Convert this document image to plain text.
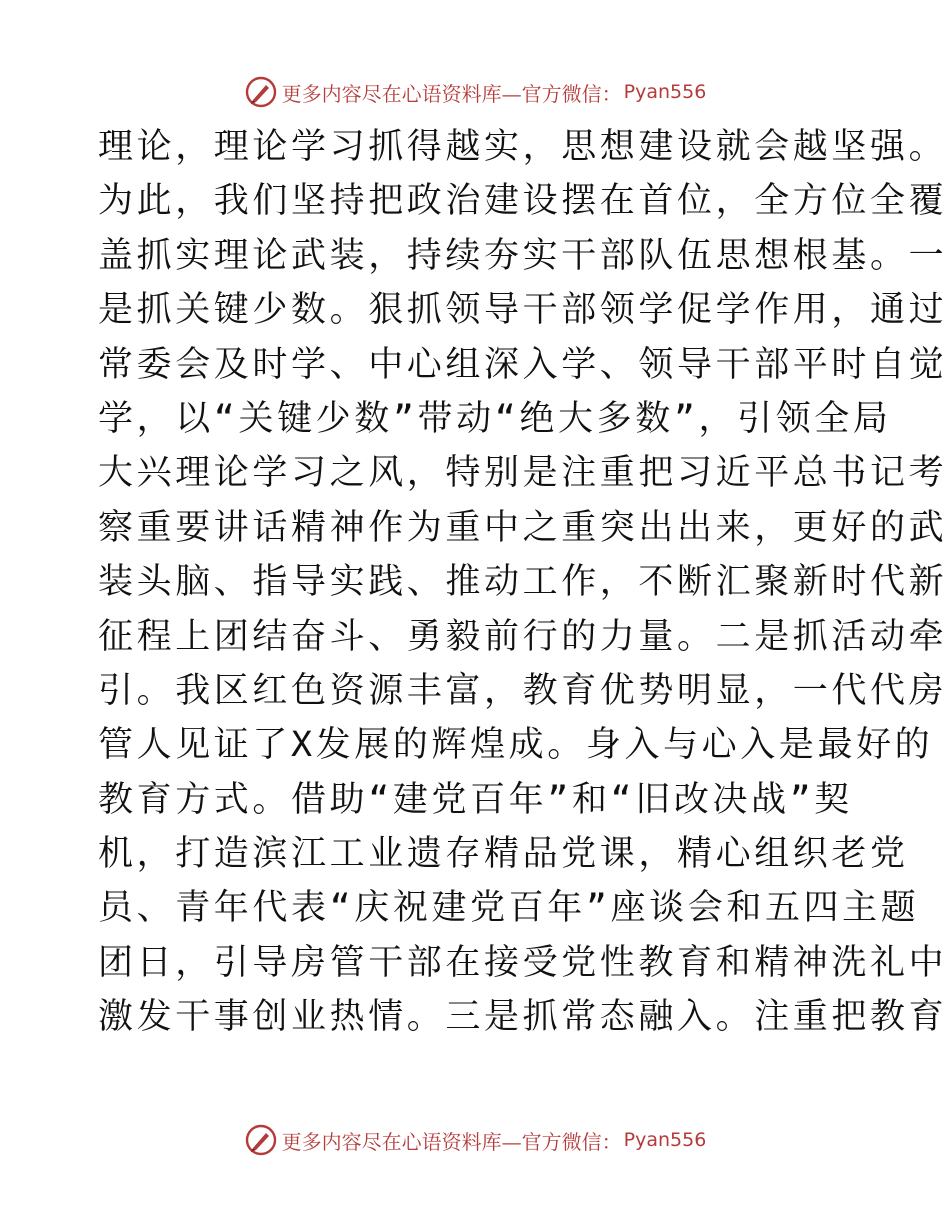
更多内容尽在心语资料库—官方微信： Pyan556
理论，理论学习抓得越实，思想建设就会越坚强。
为此，我们坚持把政治建设摆在首位，全方位全覆
盖抓实理论武装，持续夯实干部队伍思想根基。一
是抓关键少数。狠抓领导干部领学促学作用，通过
常委会及时学、中心组深入学、领导干部平时自觉
学，以“关键少数”带动“绝大多数”，引领全局
大兴理论学习之风，特别是注重把习近平总书记考
察重要讲话精神作为重中之重突出出来，更好的武
装头脑、指导实践、推动工作，不断汇聚新时代新
征程上团结奋斗、勇毅前行的力量。二是抓活动牵
引。我区红色资源丰富，教育优势明显，一代代房
管人见证了X发展的辉煌成。身入与心入是最好的
教育方式。借助“建党百年”和“旧改决战”契
机，打造滨江工业遗存精品党课，精心组织老党
员、青年代表“庆祝建党百年”座谈会和五四主题
团日，引导房管干部在接受党性教育和精神洗礼中
激发干事创业热情。三是抓常态融入。注重把教育
更多内容尽在心语资料库—官方微信： Pyan556
